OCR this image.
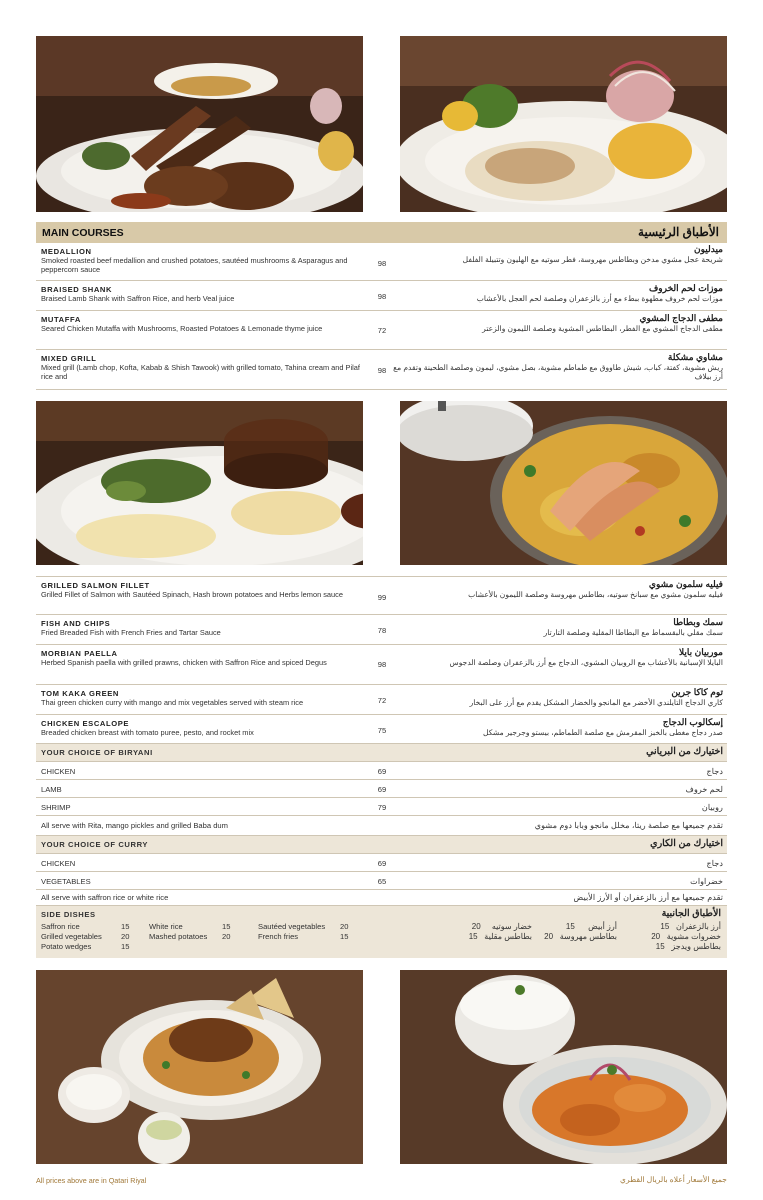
MAIN COURSES	الأطباق الرئيسية
MEDALLION
Smoked roasted beef medallion and crushed potatoes, sautéed mushrooms & Asparagus and peppercorn sauce
98
ميدليون
شريحة عجل مشوي مدخن وبطاطس مهروسة، فطر سوتيه مع الهليون وتتبيلة الفلفل
BRAISED SHANK
Braised Lamb Shank with Saffron Rice, and herb Veal juice	98
موزات لحم الخروف
موزات لحم خروف مطهوة ببطء مع أرز بالزعفران وصلصة لحم العجل بالأعشاب
MUTAFFA
Seared Chicken Mutaffa with Mushrooms, Roasted Potatoes & Lemonade thyme juice	72
مطفى الدجاج المشوي
مطفى الدجاج المشوي مع الفطر، البطاطس المشوية وصلصة الليمون والزعتر
MIXED GRILL
Mixed grill (Lamb chop, Kofta, Kabab & Shish Tawook) with grilled tomato, Tahina cream and Pilaf rice and
98
مشاوي مشكلة
ريش مشوية، كفتة، كباب، شيش طاووق مع طماطم مشوية، بصل مشوي، ليمون وصلصة الطحينة وتقدم مع أرز بيلاف
GRILLED SALMON FILLET
Grilled Fillet of Salmon with Sautéed Spinach, Hash brown potatoes and Herbs lemon sauce	99
فيليه سلمون مشوي
فيليه سلمون مشوي مع سبانخ سوتيه، بطاطس مهروسة وصلصة الليمون بالأعشاب
FISH AND CHIPS
Fried Breaded Fish with French Fries and Tartar Sauce	78
سمك وبطاطا
سمك مقلي بالبقسماط مع البطاطا المقلية وصلصة التارتار
MORBIAN PAELLA
Herbed Spanish paella with grilled prawns, chicken with Saffron Rice and spiced Degus	98
موربيان بايلا
البايلا الإسبانية بالأعشاب مع الروبيان المشوي، الدجاج مع أرز بالزعفران وصلصة الدجوس
TOM KAKA GREEN
Thai green chicken curry with mango and mix vegetables served with steam rice	72
توم كاكا جرين
كاري الدجاج التايلندي الأخضر مع المانجو والخضار المشكل يقدم مع أرز على البخار
CHICKEN ESCALOPE
Breaded chicken breast with tomato puree, pesto, and rocket mix	75
إسكالوب الدجاج
صدر دجاج مغطى بالخبز المقرمش مع صلصة الطماطم، بيستو وجرجير مشكل
YOUR CHOICE OF BIRYANI	اختيارك من البرياني
CHICKEN	69	دجاج
LAMB	69	لحم خروف
SHRIMP	79	روبيان
All serve with Rita, mango pickles and grilled Baba dum	تقدم جميعها مع صلصة ريتا، مخلل مانجو وبابا دوم مشوي
YOUR CHOICE OF CURRY	اختيارك من الكاري
CHICKEN	69	دجاج
VEGETABLES	65	خضراوات
All serve with saffron rice or white rice	تقدم جميعها مع أرز بالزعفران أو الأرز الأبيض
SIDE DISHES	الأطباق الجانبية
Saffron rice	15
Grilled vegetables	20
Potato wedges	15
White rice	15
Mashed potatoes 20
Sautéed vegetables 20
French fries	15
أرز بالزعفران   15
خضروات مشوية   20
بطاطس ويدجز   15
أرز أبيض      15
بطاطس مهروسة   20
خضار سوتيه     20
بطاطس مقلية   15
All prices above are in Qatari Riyal	جميع الأسعار أعلاه بالريال القطري
